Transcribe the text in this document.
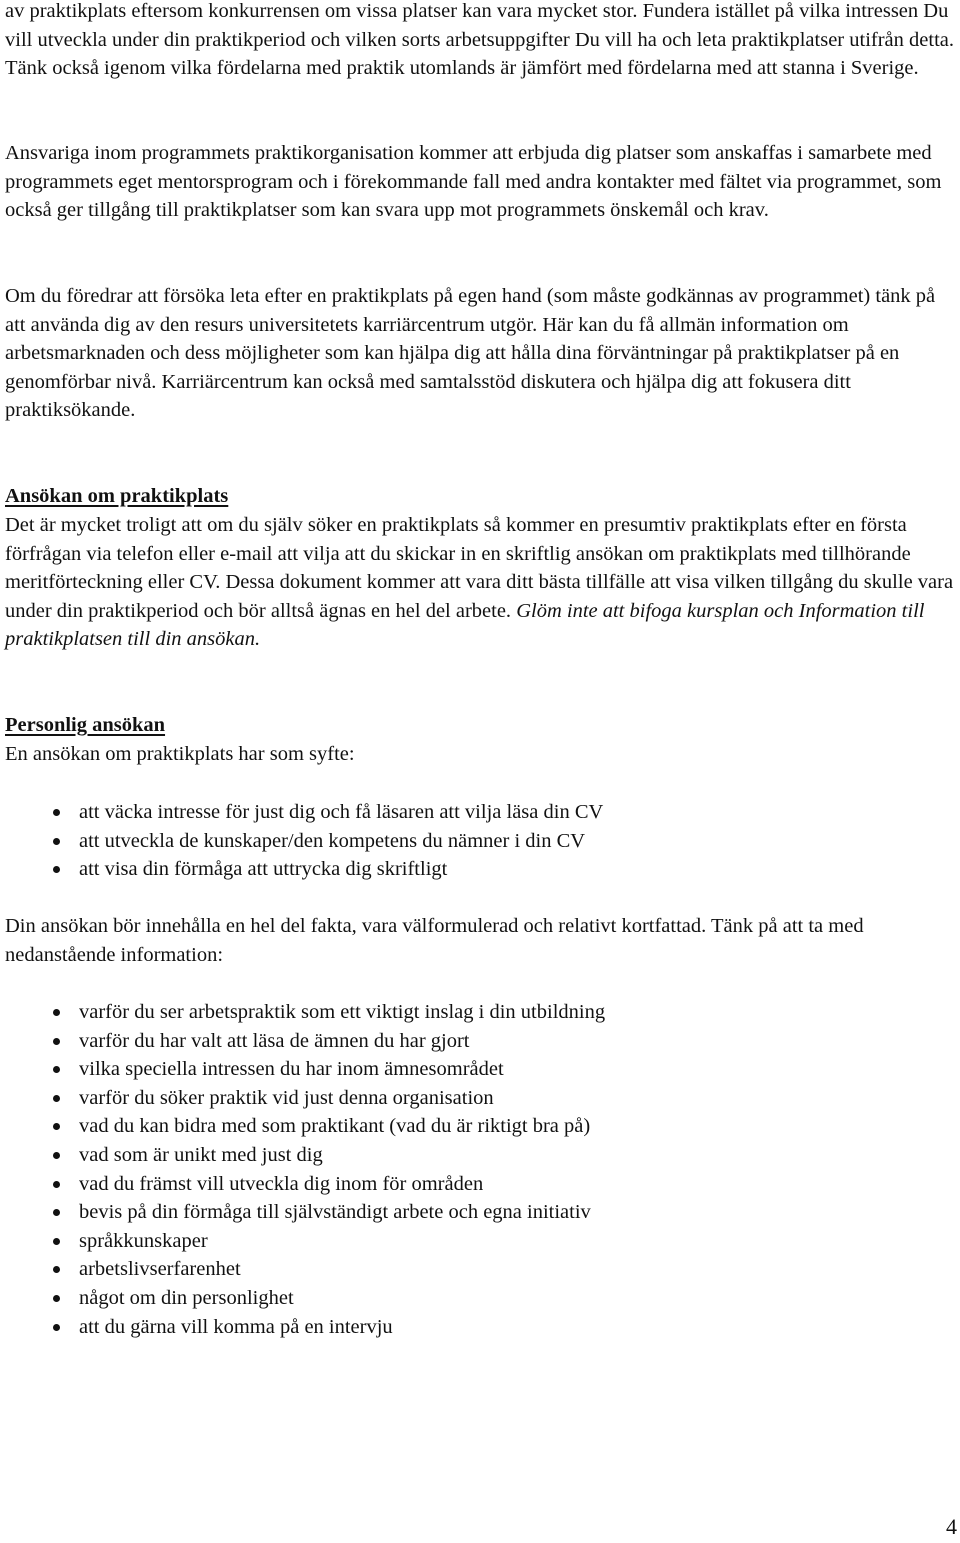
av praktikplats eftersom konkurrensen om vissa platser kan vara mycket stor. Fundera istället på vilka intressen Du vill utveckla under din praktikperiod och vilken sorts arbetsuppgifter Du vill ha och leta praktikplatser utifrån detta. Tänk också igenom vilka fördelarna med praktik utomlands är jämfört med fördelarna med att stanna i Sverige.

Ansvariga inom programmets praktikorganisation kommer att erbjuda dig platser som anskaffas i samarbete med programmets eget mentorsprogram och i förekommande fall med andra kontakter med fältet via programmet, som också ger tillgång till praktikplatser som kan svara upp mot programmets önskemål och krav.

Om du föredrar att försöka leta efter en praktikplats på egen hand (som måste godkännas av programmet) tänk på att använda dig av den resurs universitetets karriärcentrum utgör. Här kan du få allmän information om arbetsmarknaden och dess möjligheter som kan hjälpa dig att hålla dina förväntningar på praktikplatser på en genomförbar nivå. Karriärcentrum kan också med samtalsstöd diskutera och hjälpa dig att fokusera ditt praktiksökande.

Ansökan om praktikplats

Det är mycket troligt att om du själv söker en praktikplats så kommer en presumtiv praktikplats efter en första förfrågan via telefon eller e-mail att vilja att du skickar in en skriftlig ansökan om praktikplats med tillhörande meritförteckning eller CV. Dessa dokument kommer att vara ditt bästa tillfälle att visa vilken tillgång du skulle vara under din praktikperiod och bör alltså ägnas en hel del arbete. Glöm inte att bifoga kursplan och Information till praktikplatsen till din ansökan.

Personlig ansökan

En ansökan om praktikplats har som syfte:

att väcka intresse för just dig och få läsaren att vilja läsa din CV
att utveckla de kunskaper/den kompetens du nämner i din CV
att visa din förmåga att uttrycka dig skriftligt

Din ansökan bör innehålla en hel del fakta, vara välformulerad och relativt kortfattad. Tänk på att ta med nedanstående information:

varför du ser arbetspraktik som ett viktigt inslag i din utbildning
varför du har valt att läsa de ämnen du har gjort
vilka speciella intressen du har inom ämnesområdet
varför du söker praktik vid just denna organisation
vad du kan bidra med som praktikant (vad du är riktigt bra på)
vad som är unikt med just dig
vad du främst vill utveckla dig inom för områden
bevis på din förmåga till självständigt arbete och egna initiativ
språkkunskaper
arbetslivserfarenhet
något om din personlighet
att du gärna vill komma på en intervju
4
